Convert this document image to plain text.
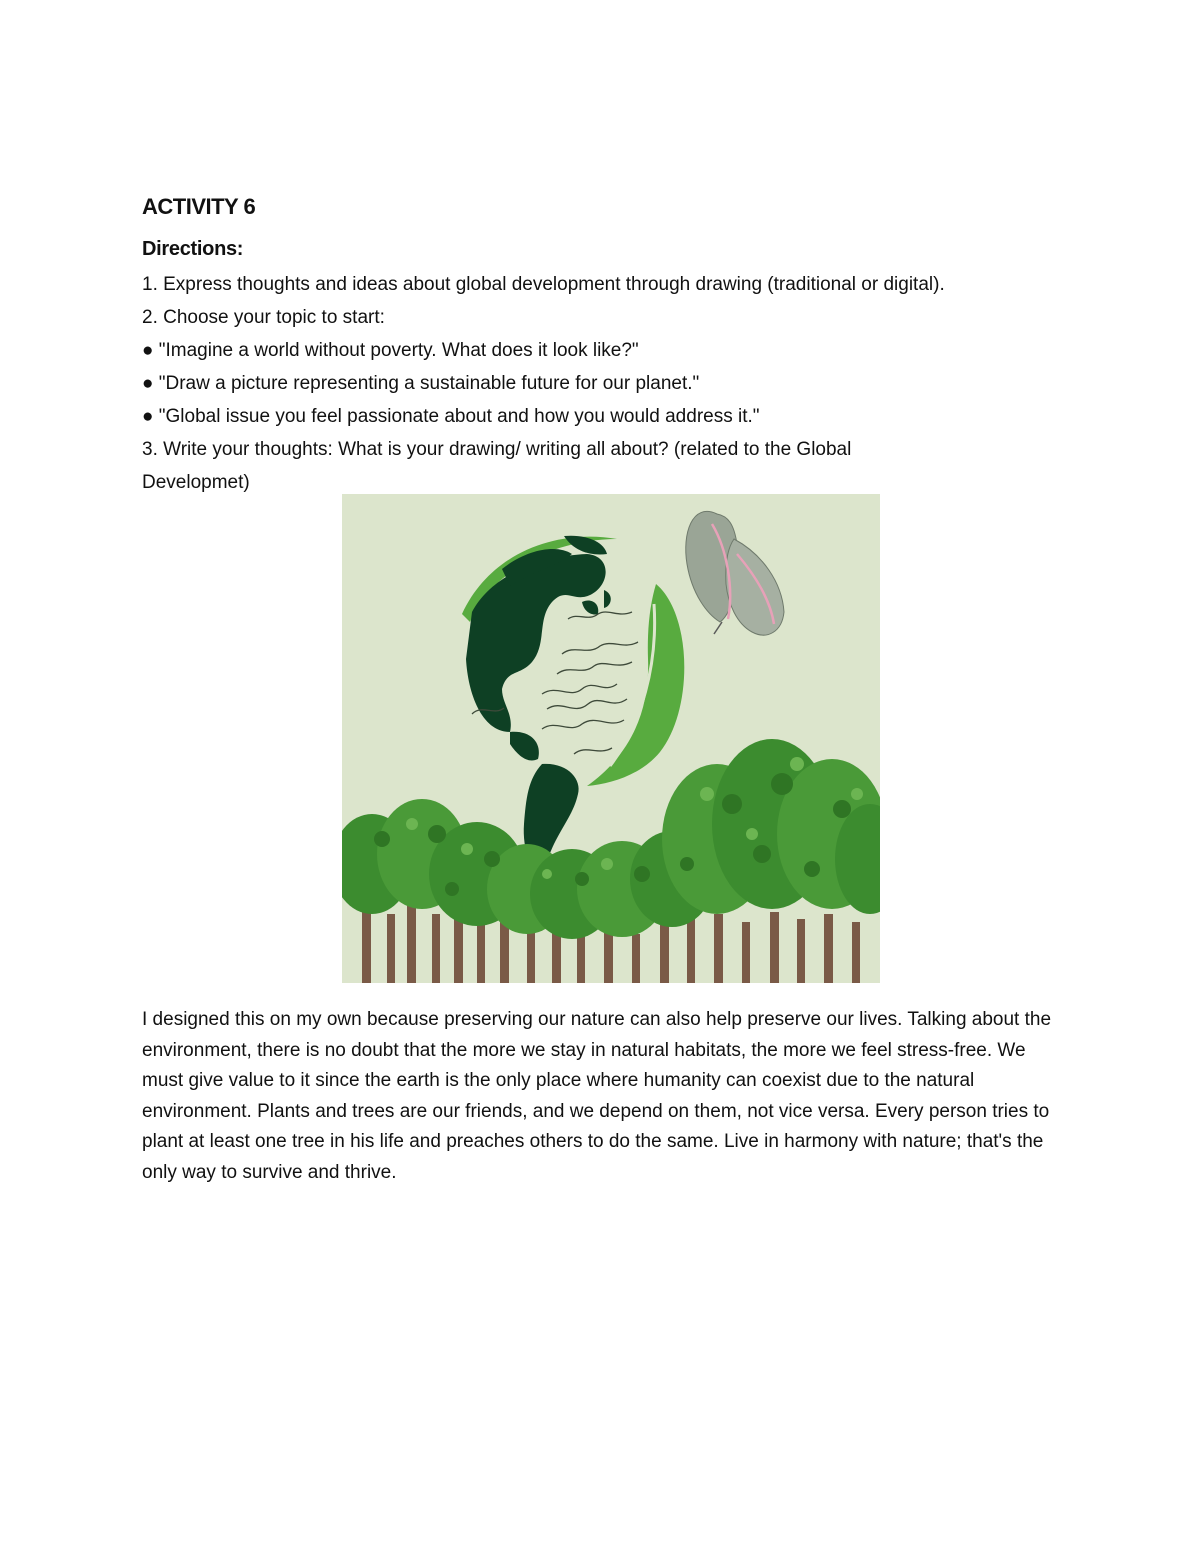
ACTIVITY 6
Directions:

1. Express thoughts and ideas about global development through drawing (traditional or digital).

2. Choose your topic to start:

● "Imagine a world without poverty. What does it look like?"

● "Draw a picture representing a sustainable future for our planet."

● "Global issue you feel passionate about and how you would address it."

3. Write your thoughts: What is your drawing/ writing all about? (related to the Global

Developmet)

I designed this on my own because preserving our nature can also help preserve our lives. Talking about the environment, there is no doubt that the more we stay in natural habitats, the more we feel stress-free. We must give value to it since the earth is the only place where humanity can coexist due to the natural environment. Plants and trees are our friends, and we depend on them, not vice versa. Every person tries to plant at least one tree in his life and preaches others to do the same. Live in harmony with nature; that's the only way to survive and thrive.
